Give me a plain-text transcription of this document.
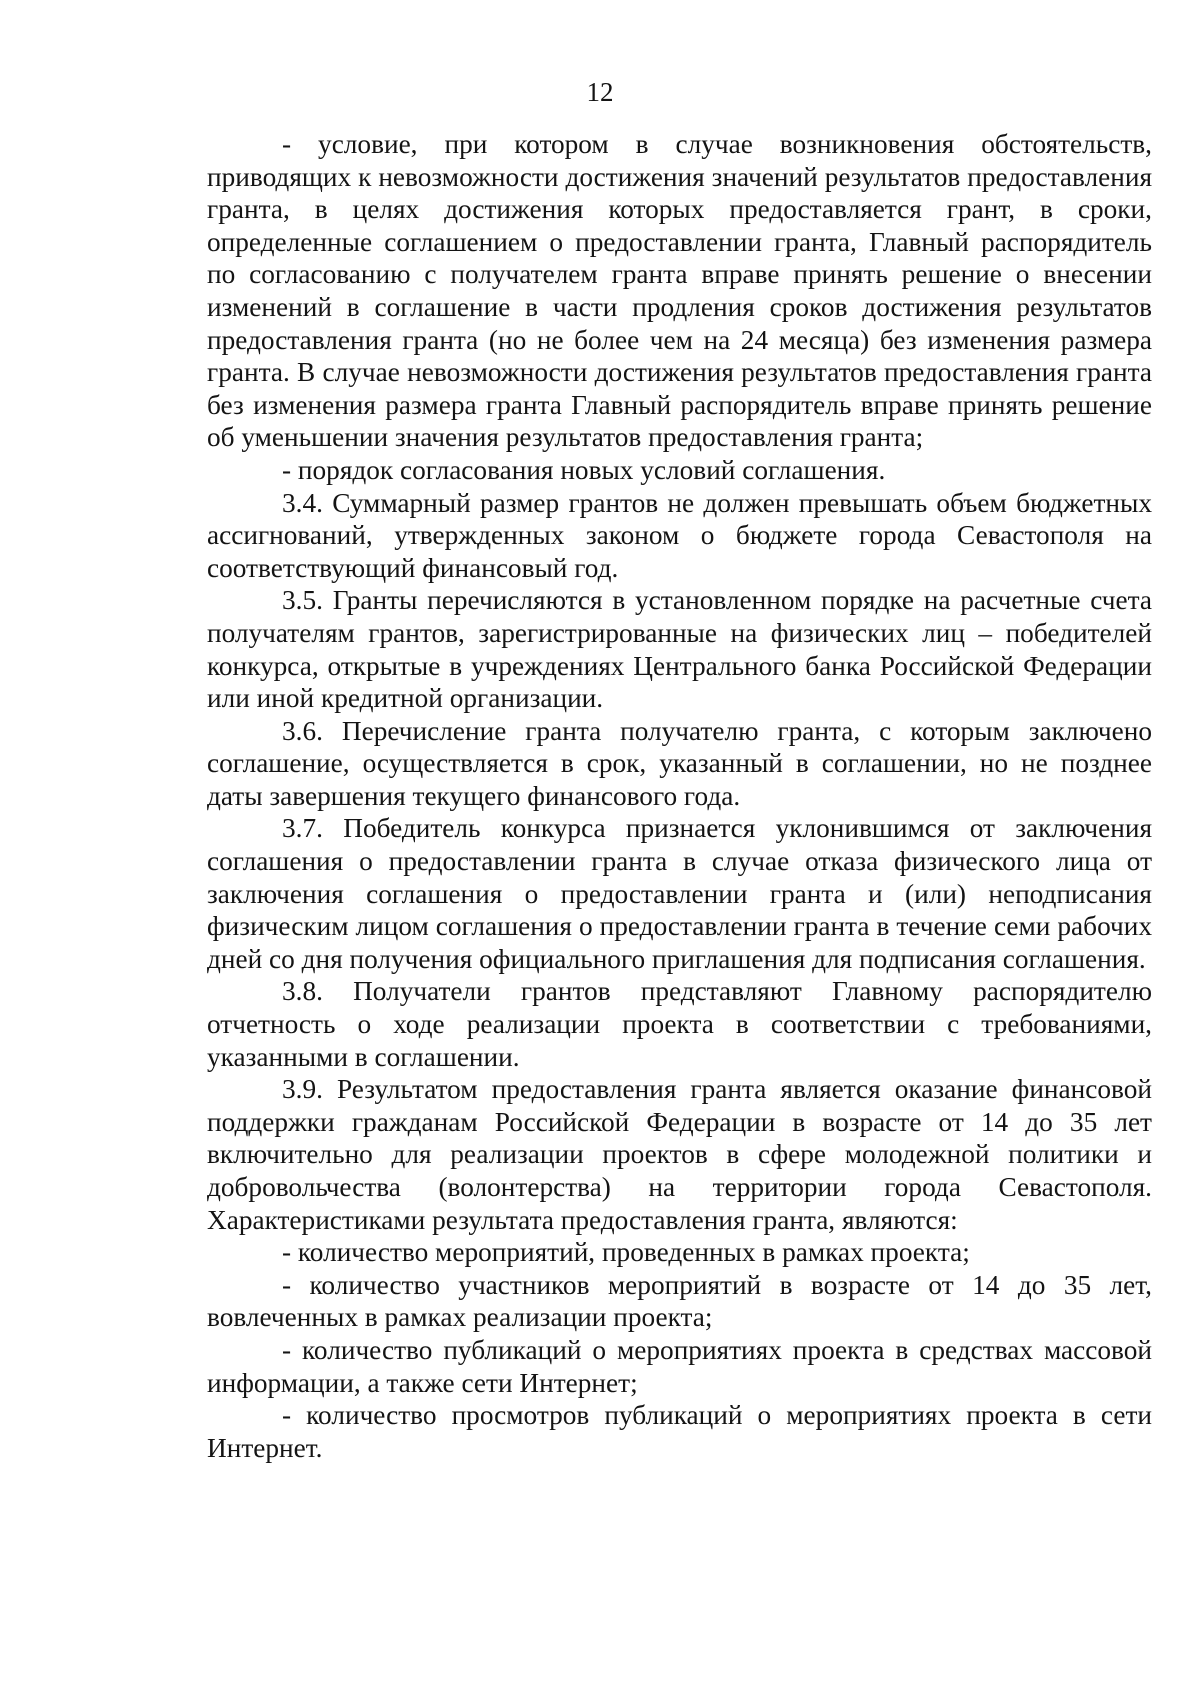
12

- условие, при котором в случае возникновения обстоятельств, приводящих к невозможности достижения значений результатов предоставления гранта, в целях достижения которых предоставляется грант, в сроки, определенные соглашением о предоставлении гранта, Главный распорядитель по согласованию с получателем гранта вправе принять решение о внесении изменений в соглашение в части продления сроков достижения результатов предоставления гранта (но не более чем на 24 месяца) без изменения размера гранта. В случае невозможности достижения результатов предоставления гранта без изменения размера гранта Главный распорядитель вправе принять решение об уменьшении значения результатов предоставления гранта;

- порядок согласования новых условий соглашения.

3.4. Суммарный размер грантов не должен превышать объем бюджетных ассигнований, утвержденных законом о бюджете города Севастополя на соответствующий финансовый год.

3.5. Гранты перечисляются в установленном порядке на расчетные счета получателям грантов, зарегистрированные на физических лиц – победителей конкурса, открытые в учреждениях Центрального банка Российской Федерации или иной кредитной организации.

3.6. Перечисление гранта получателю гранта, с которым заключено соглашение, осуществляется в срок, указанный в соглашении, но не позднее даты завершения текущего финансового года.

3.7. Победитель конкурса признается уклонившимся от заключения соглашения о предоставлении гранта в случае отказа физического лица от заключения соглашения о предоставлении гранта и (или) неподписания физическим лицом соглашения о предоставлении гранта в течение семи рабочих дней со дня получения официального приглашения для подписания соглашения.

3.8. Получатели грантов представляют Главному распорядителю отчетность о ходе реализации проекта в соответствии с требованиями, указанными в соглашении.

3.9. Результатом предоставления гранта является оказание финансовой поддержки гражданам Российской Федерации в возрасте от 14 до 35 лет включительно для реализации проектов в сфере молодежной политики и добровольчества (волонтерства) на территории города Севастополя. Характеристиками результата предоставления гранта, являются:

- количество мероприятий, проведенных в рамках проекта;

- количество участников мероприятий в возрасте от 14 до 35 лет, вовлеченных в рамках реализации проекта;

- количество публикаций о мероприятиях проекта в средствах массовой информации, а также сети Интернет;

- количество просмотров публикаций о мероприятиях проекта в сети Интернет.
